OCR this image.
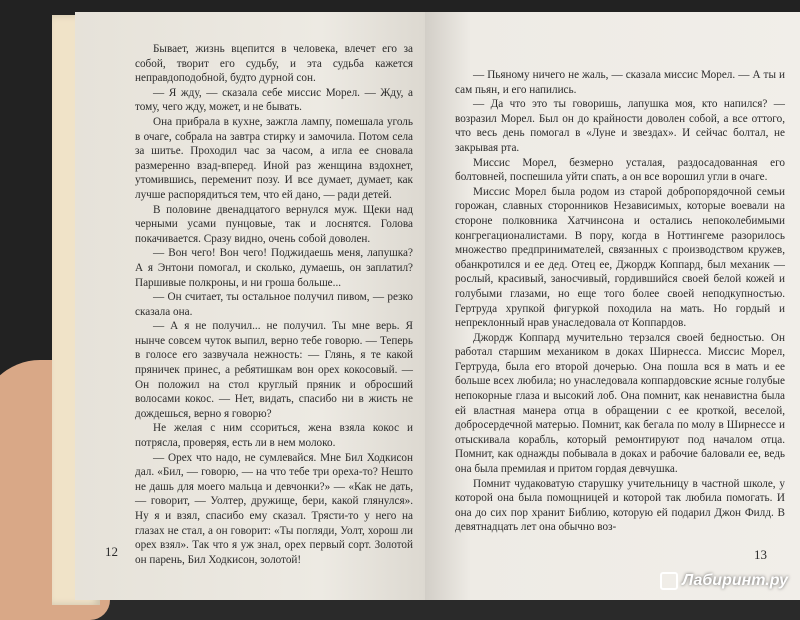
Бывает, жизнь вцепится в человека, влечет его за собой, творит его судьбу, и эта судьба кажется неправдоподобной, будто дурной сон.

— Я жду, — сказала себе миссис Морел. — Жду, а тому, чего жду, может, и не бывать.

Она прибрала в кухне, зажгла лампу, помешала уголь в очаге, собрала на завтра стирку и замочила. Потом села за шитье. Проходил час за часом, а игла ее сновала размеренно взад-вперед. Иной раз женщина вздохнет, утомившись, переменит позу. И все думает, думает, как лучше распорядиться тем, что ей дано, — ради детей.

В половине двенадцатого вернулся муж. Щеки над черными усами пунцовые, так и лоснятся. Голова покачивается. Сразу видно, очень собой доволен.

— Вон чего! Вон чего! Поджидаешь меня, лапушка? А я Энтони помогал, и сколько, думаешь, он заплатил? Паршивые полкроны, и ни гроша больше...

— Он считает, ты остальное получил пивом, — резко сказала она.

— А я не получил... не получил. Ты мне верь. Я нынче совсем чуток выпил, верно тебе говорю. — Теперь в голосе его зазвучала нежность: — Глянь, я те какой пряничек принес, а ребятишкам вон орех кокосовый. — Он положил на стол круглый пряник и обросший волосами кокос. — Нет, видать, спасибо ни в жисть не дождешься, верно я говорю?

Не желая с ним ссориться, жена взяла кокос и потрясла, проверяя, есть ли в нем молоко.

— Орех что надо, не сумлевайся. Мне Бил Ходкисон дал. «Бил, — говорю, — на что тебе три ореха-то? Нешто не дашь для моего мальца и девчонки?» — «Как не дать, — говорит, — Уолтер, дружище, бери, какой глянулся». Ну я и взял, спасибо ему сказал. Трясти-то у него на глазах не стал, а он говорит: «Ты погляди, Уолт, хорош ли орех взял». Так что я уж знал, орех первый сорт. Золотой он парень, Бил Ходкисон, золотой!

12

— Пьяному ничего не жаль, — сказала миссис Морел. — А ты и сам пьян, и его напились.

— Да что это ты говоришь, лапушка моя, кто напился? — возразил Морел. Был он до крайности доволен собой, а все оттого, что весь день помогал в «Луне и звездах». И сейчас болтал, не закрывая рта.

Миссис Морел, безмерно усталая, раздосадованная его болтовней, поспешила уйти спать, а он все ворошил угли в очаге.

Миссис Морел была родом из старой добропорядочной семьи горожан, славных сторонников Независимых, которые воевали на стороне полковника Хатчинсона и остались непоколебимыми конгрегационалистами. В пору, когда в Ноттингеме разорилось множество предпринимателей, связанных с производством кружев, обанкротился и ее дед. Отец ее, Джордж Коппард, был механик — рослый, красивый, заносчивый, гордившийся своей белой кожей и голубыми глазами, но еще того более своей неподкупностью. Гертруда хрупкой фигуркой походила на мать. Но гордый и непреклонный нрав унаследовала от Коппардов.

Джордж Коппард мучительно терзался своей бедностью. Он работал старшим механиком в доках Ширнесса. Миссис Морел, Гертруда, была его второй дочерью. Она пошла вся в мать и ее больше всех любила; но унаследовала коппардовские ясные голубые непокорные глаза и высокий лоб. Она помнит, как ненавистна была ей властная манера отца в обращении с ее кроткой, веселой, добросердечной матерью. Помнит, как бегала по молу в Ширнессе и отыскивала корабль, который ремонтируют под началом отца. Помнит, как однажды побывала в доках и рабочие баловали ее, ведь она была премилая и притом гордая девчушка.

Помнит чудаковатую старушку учительницу в частной школе, у которой она была помощницей и которой так любила помогать. И она до сих пор хранит Библию, которую ей подарил Джон Филд. В девятнадцать лет она обычно воз-

13
Лабиринт.ру
